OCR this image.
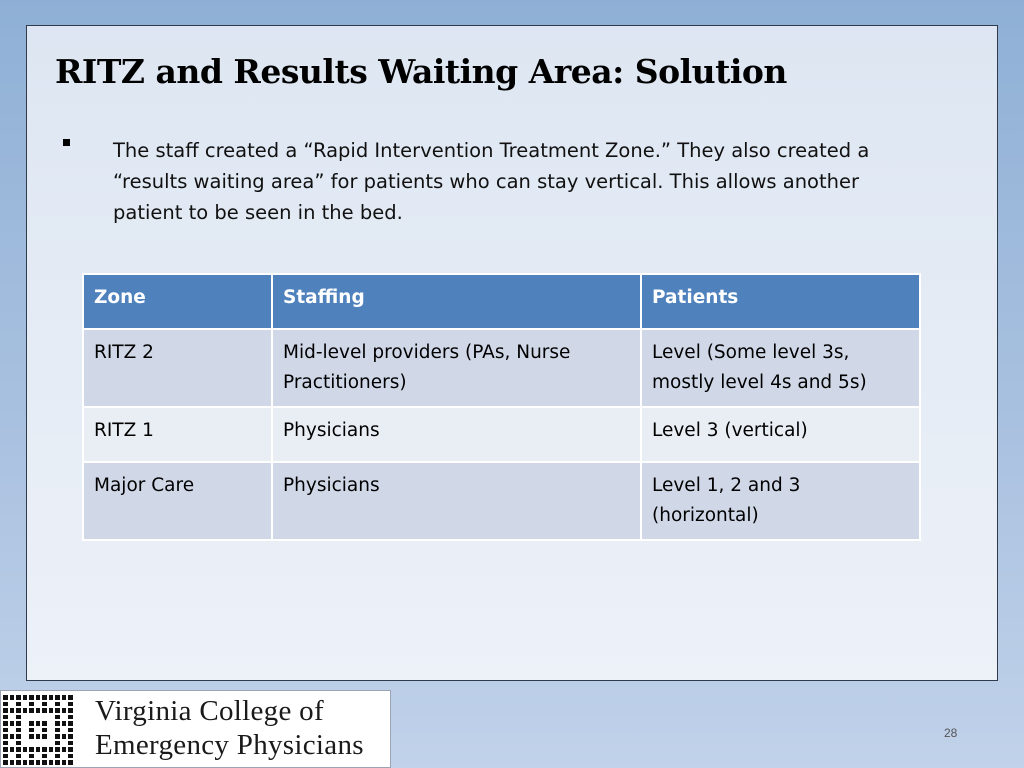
RITZ and Results Waiting Area: Solution

The staff created a “Rapid Intervention Treatment Zone.” They also created a “results waiting area” for patients who can stay vertical. This allows another patient to be seen in the bed.

Zone	Staffing	Patients
RITZ 2	Mid-level providers (PAs, Nurse Practitioners)	Level (Some level 3s, mostly level 4s and 5s)
RITZ 1	Physicians	Level 3 (vertical)
Major Care	Physicians	Level 1, 2 and 3 (horizontal)

Virginia College of

Emergency Physicians	28
